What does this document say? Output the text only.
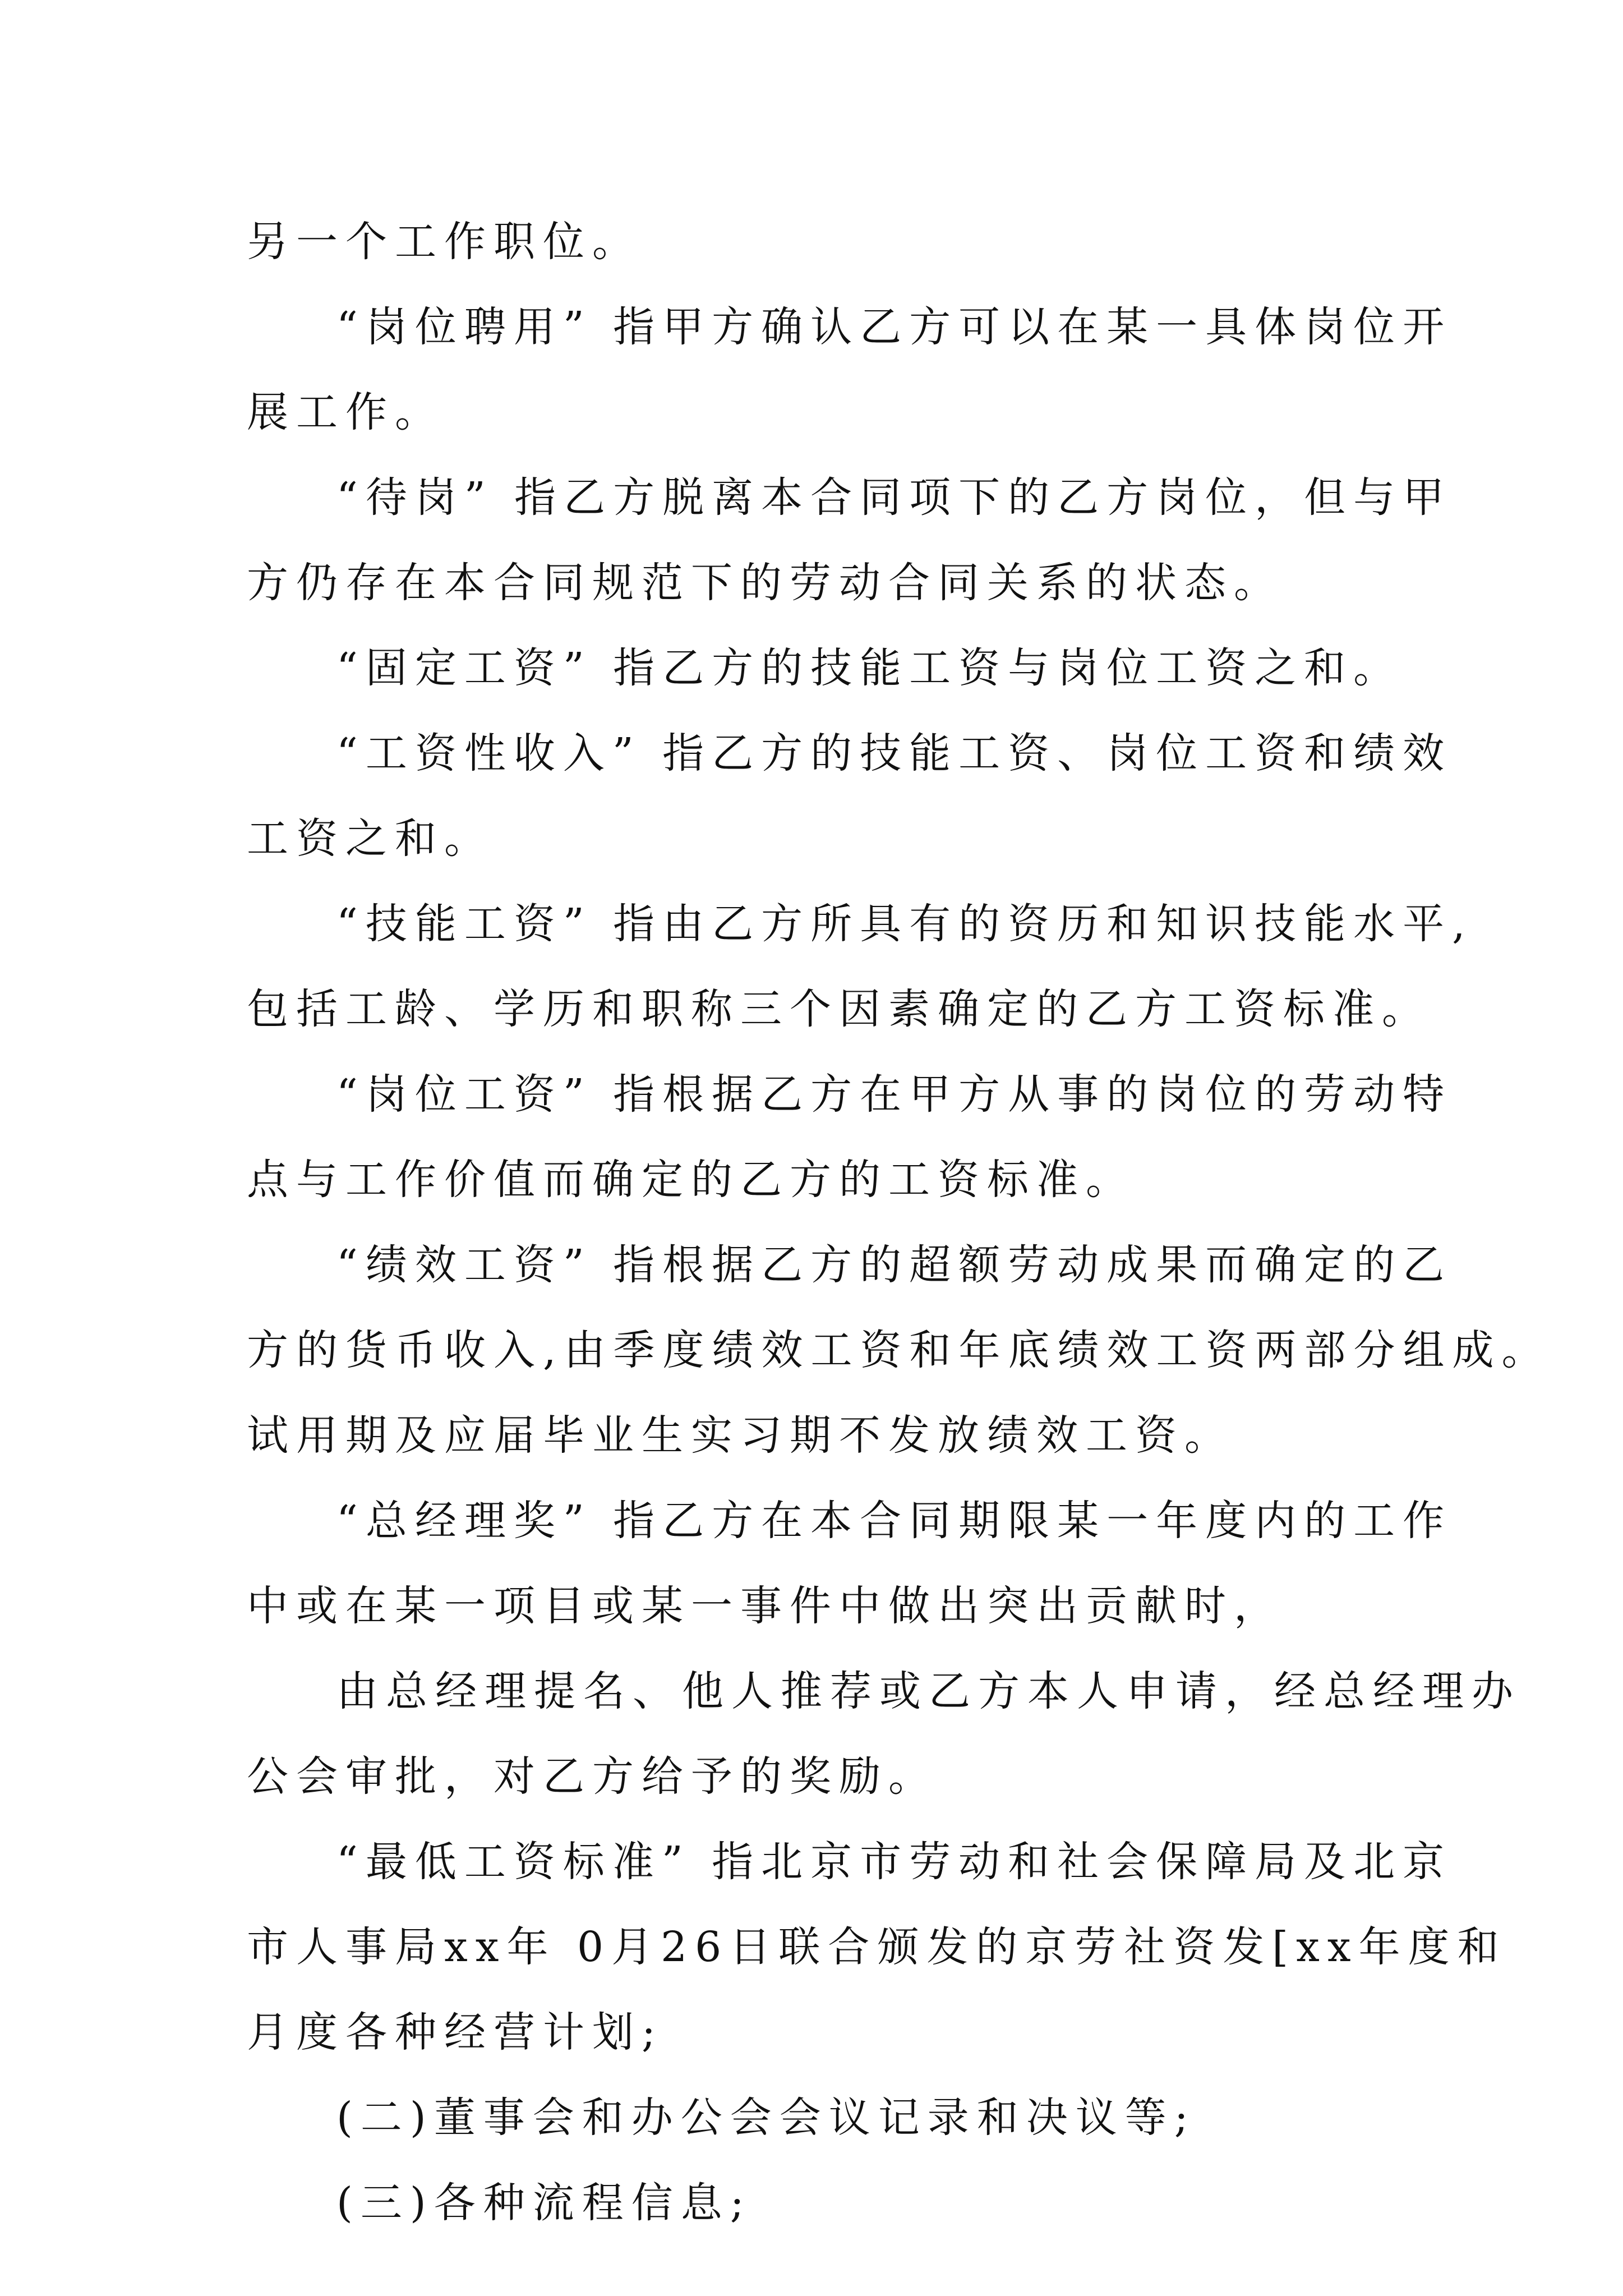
另一个工作职位。
“岗位聘用” 指甲方确认乙方可以在某一具体岗位开
展工作。
“待岗” 指乙方脱离本合同项下的乙方岗位，但与甲
方仍存在本合同规范下的劳动合同关系的状态。
“固定工资” 指乙方的技能工资与岗位工资之和。
“工资性收入” 指乙方的技能工资、岗位工资和绩效
工资之和。
“技能工资” 指由乙方所具有的资历和知识技能水平,
包括工龄、学历和职称三个因素确定的乙方工资标准。
“岗位工资” 指根据乙方在甲方从事的岗位的劳动特
点与工作价值而确定的乙方的工资标准。
“绩效工资” 指根据乙方的超额劳动成果而确定的乙
方的货币收入,由季度绩效工资和年底绩效工资两部分组成。
试用期及应届毕业生实习期不发放绩效工资。
“总经理奖” 指乙方在本合同期限某一年度内的工作
中或在某一项目或某一事件中做出突出贡献时，
由总经理提名、他人推荐或乙方本人申请，经总经理办
公会审批，对乙方给予的奖励。
“最低工资标准” 指北京市劳动和社会保障局及北京
市人事局xx年 0月26日联合颁发的京劳社资发[xx年度和
月度各种经营计划;
(二)董事会和办公会会议记录和决议等;
(三)各种流程信息;
